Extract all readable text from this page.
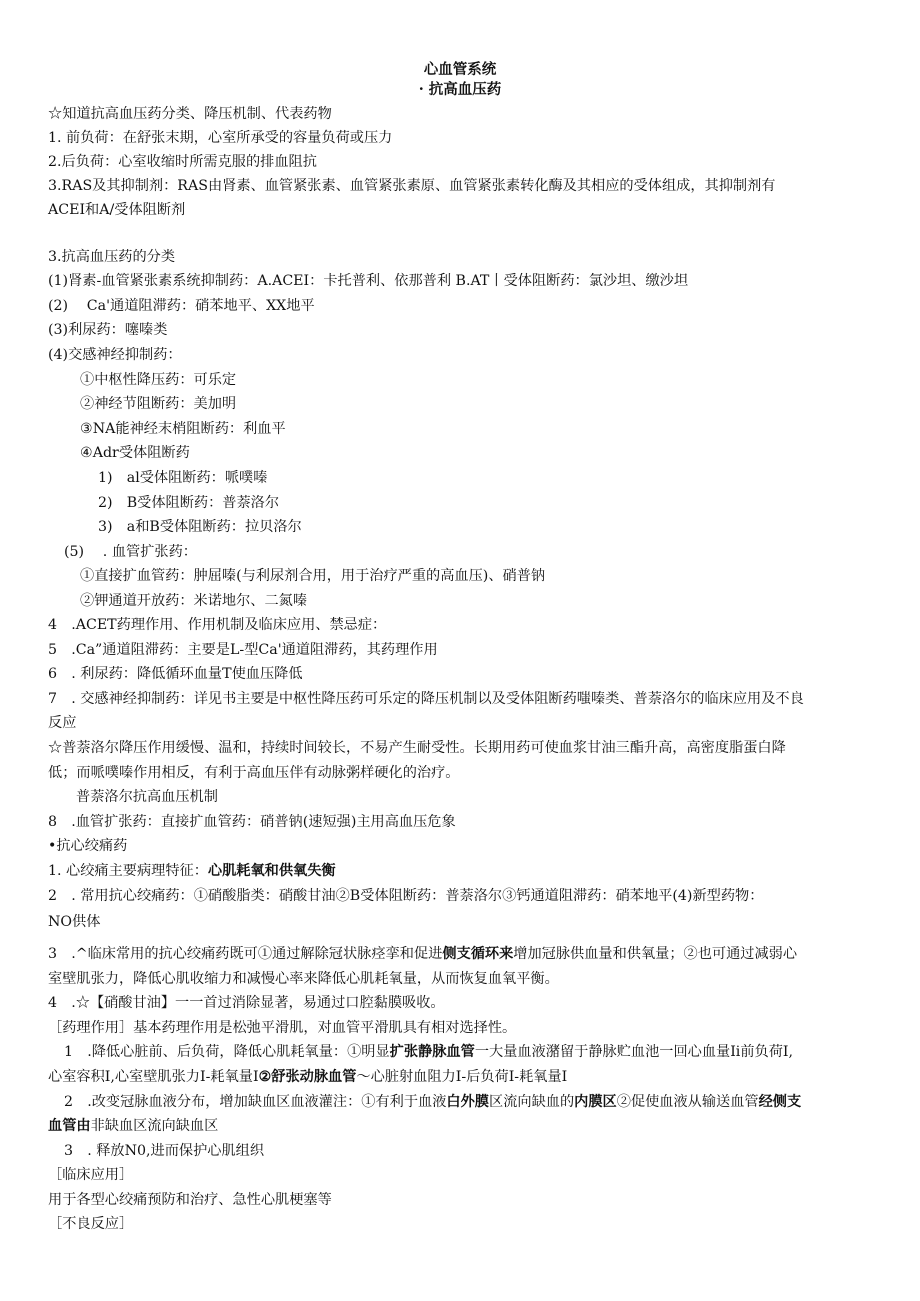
心血管系统
· 抗高血压药
☆知道抗高血压药分类、降压机制、代表药物
1. 前负荷：在舒张末期，心室所承受的容量负荷或压力
2.后负荷：心室收缩时所需克服的排血阻抗
3.RAS及其抑制剂：RAS由肾素、血管紧张素、血管紧张素原、血管紧张素转化酶及其相应的受体组成，其抑制剂有
ACEI和A/受体阻断剂
3.抗高血压药的分类
(1)肾素-血管紧张素系统抑制药：A.ACEI：卡托普利、依那普利 B.AT丨受体阻断药：氯沙坦、缴沙坦
(2)　 Ca'通道阻滞药：硝苯地平、XX地平
(3)利尿药：噻嗪类
(4)交感神经抑制药：
①中枢性降压药：可乐定
②神经节阻断药：美加明
③NA能神经末梢阻断药：利血平
④Adr受体阻断药
1)　al受体阻断药：哌噗嗪
2)　B受体阻断药：普萘洛尔
3)　a和B受体阻断药：拉贝洛尔
(5)　 . 血管扩张药：
①直接扩血管药：肿屈嗪(与利尿剂合用，用于治疗严重的高血压)、硝普钠
②钾通道开放药：米诺地尔、二氮嗪
4　.ACET药理作用、作用机制及临床应用、禁忌症：
5　.Ca”通道阻滞药：主要是L-型Ca'通道阻滞药，其药理作用
6　. 利尿药：降低循环血量T使血压降低
7　. 交感神经抑制药：详见书主要是中枢性降压药可乐定的降压机制以及受体阻断药嗤嗪类、普萘洛尔的临床应用及不良
反应
☆普萘洛尔降压作用缓慢、温和，持续时间较长，不易产生耐受性。长期用药可使血浆甘油三酯升高，高密度脂蛋白降
低；而哌噗嗪作用相反，有利于高血压伴有动脉粥样硬化的治疗。
普萘洛尔抗高血压机制
8　.血管扩张药：直接扩血管药：硝普钠(速短强)主用高血压危象
•抗心绞痛药
1. 心绞痛主要病理特征：心肌耗氧和供氧失衡
2　. 常用抗心绞痛药：①硝酸脂类：硝酸甘油②B受体阻断药：普萘洛尔③钙通道阻滞药：硝苯地平(4)新型药物：
NO供体
3　.^临床常用的抗心绞痛药既可①通过解除冠状脉痉挛和促进侧支循环来增加冠脉供血量和供氧量；②也可通过减弱心
室壁肌张力，降低心肌收缩力和减慢心率来降低心肌耗氧量，从而恢复血氧平衡。
4　.☆【硝酸甘油】一一首过消除显著，易通过口腔黏膜吸收。
［药理作用］基本药理作用是松弛平滑肌，对血管平滑肌具有相对选择性。
1　.降低心脏前、后负荷，降低心肌耗氧量：①明显扩张静脉血管一大量血液潴留于静脉贮血池一回心血量Ii前负荷I,
心室容积I,心室壁肌张力I-耗氧量I②舒张动脉血管〜心脏射血阻力I-后负荷I-耗氧量I
2　.改变冠脉血液分布，增加缺血区血液灌注：①有利于血液白外膜区流向缺血的内膜区②促使血液从输送血管经侧支
血管由非缺血区流向缺血区
3　. 释放N0,进而保护心肌组织
［临床应用］
用于各型心绞痛预防和治疗、急性心肌梗塞等
［不良反应］
